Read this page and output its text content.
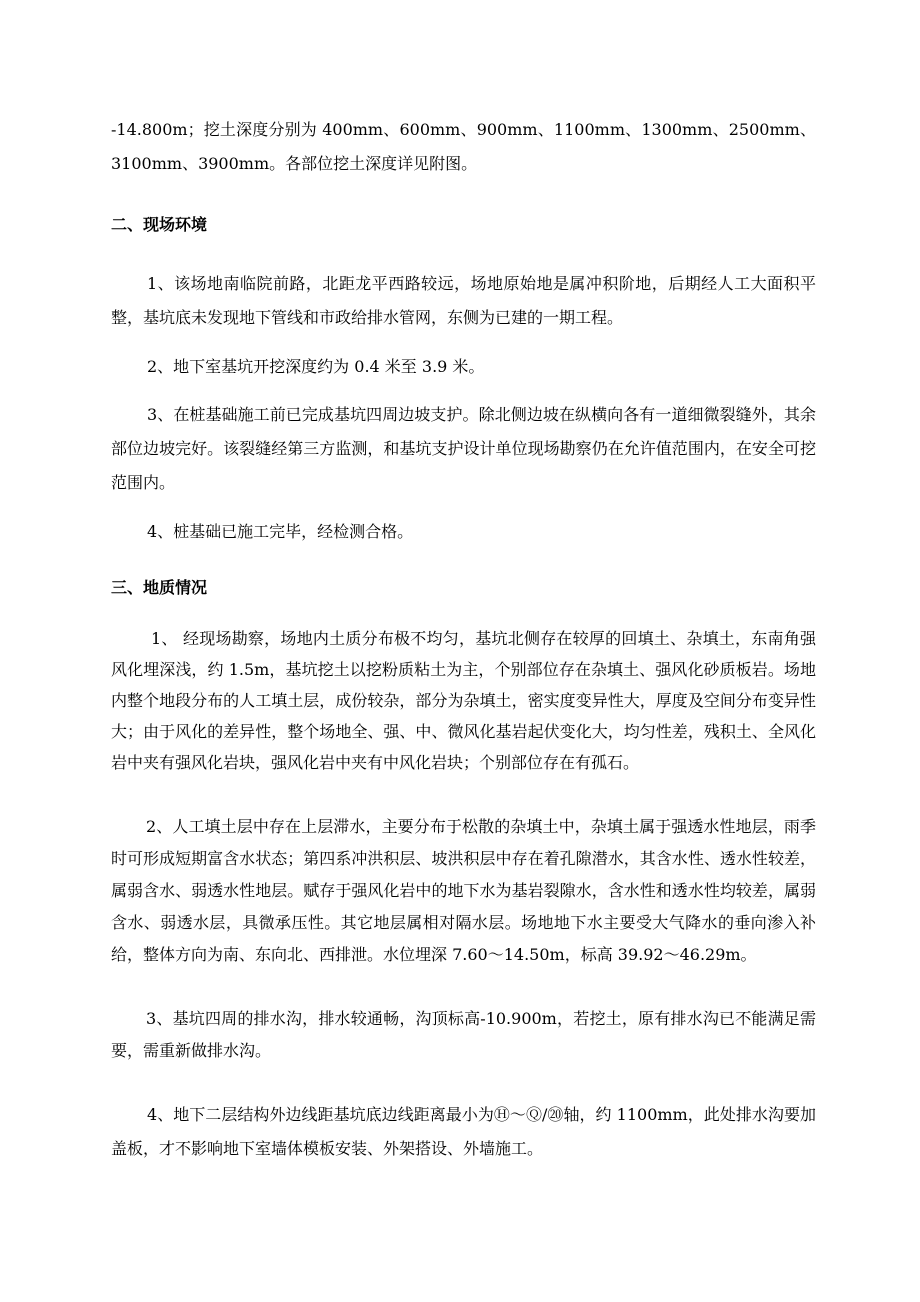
-14.800m；挖土深度分别为 400mm、600mm、900mm、1100mm、1300mm、2500mm、3100mm、3900mm。各部位挖土深度详见附图。

二、现场环境

1、该场地南临院前路，北距龙平西路较远，场地原始地是属冲积阶地，后期经人工大面积平整，基坑底未发现地下管线和市政给排水管网，东侧为已建的一期工程。

2、地下室基坑开挖深度约为 0.4 米至 3.9 米。

3、在桩基础施工前已完成基坑四周边坡支护。除北侧边坡在纵横向各有一道细微裂缝外，其余部位边坡完好。该裂缝经第三方监测，和基坑支护设计单位现场勘察仍在允许值范围内，在安全可挖范围内。

4、桩基础已施工完毕，经检测合格。

三、地质情况

1、 经现场勘察，场地内土质分布极不均匀，基坑北侧存在较厚的回填土、杂填土，东南角强风化埋深浅，约 1.5m，基坑挖土以挖粉质粘土为主，个别部位存在杂填土、强风化砂质板岩。场地内整个地段分布的人工填土层，成份较杂，部分为杂填土，密实度变异性大，厚度及空间分布变异性大；由于风化的差异性，整个场地全、强、中、微风化基岩起伏变化大，均匀性差，残积土、全风化岩中夹有强风化岩块，强风化岩中夹有中风化岩块；个别部位存在有孤石。

2、人工填土层中存在上层滞水，主要分布于松散的杂填土中，杂填土属于强透水性地层，雨季时可形成短期富含水状态；第四系冲洪积层、坡洪积层中存在着孔隙潜水，其含水性、透水性较差，属弱含水、弱透水性地层。赋存于强风化岩中的地下水为基岩裂隙水，含水性和透水性均较差，属弱含水、弱透水层，具微承压性。其它地层属相对隔水层。场地地下水主要受大气降水的垂向渗入补给，整体方向为南、东向北、西排泄。水位埋深 7.60～14.50m，标高 39.92～46.29m。

3、基坑四周的排水沟，排水较通畅，沟顶标高-10.900m，若挖土，原有排水沟已不能满足需要，需重新做排水沟。

4、地下二层结构外边线距基坑底边线距离最小为Ⓗ～Ⓠ/⑳轴，约 1100mm，此处排水沟要加盖板，才不影响地下室墙体模板安装、外架搭设、外墙施工。
